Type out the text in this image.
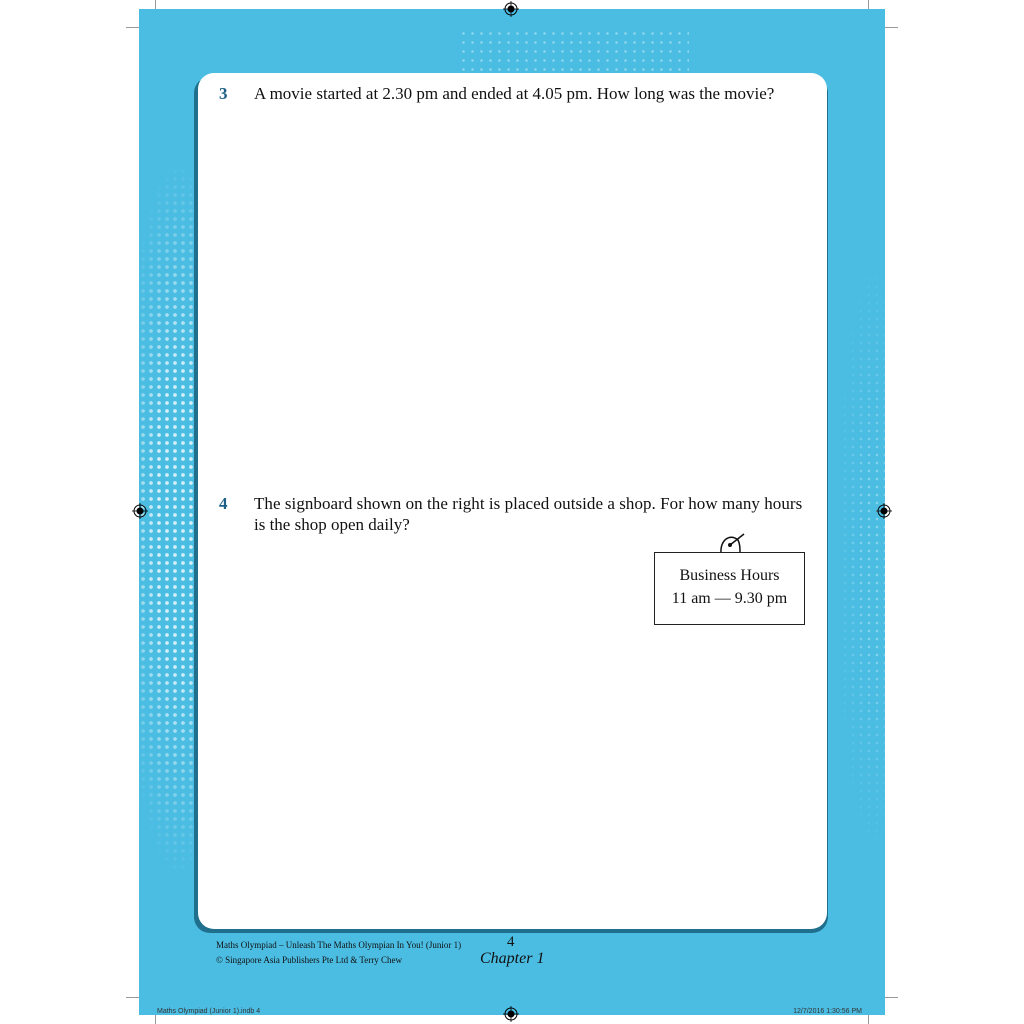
3 A movie started at 2.30 pm and ended at 4.05 pm. How long was the movie?
4 The signboard shown on the right is placed outside a shop. For how many hours
is the shop open daily?
Business Hours
11 am — 9.30 pm
Maths Olympiad – Unleash The Maths Olympian In You! (Junior 1)
© Singapore Asia Publishers Pte Ltd & Terry Chew
4
Chapter 1
Maths Olympiad (Junior 1).indb 4	12/7/2016 1:30:56 PM
